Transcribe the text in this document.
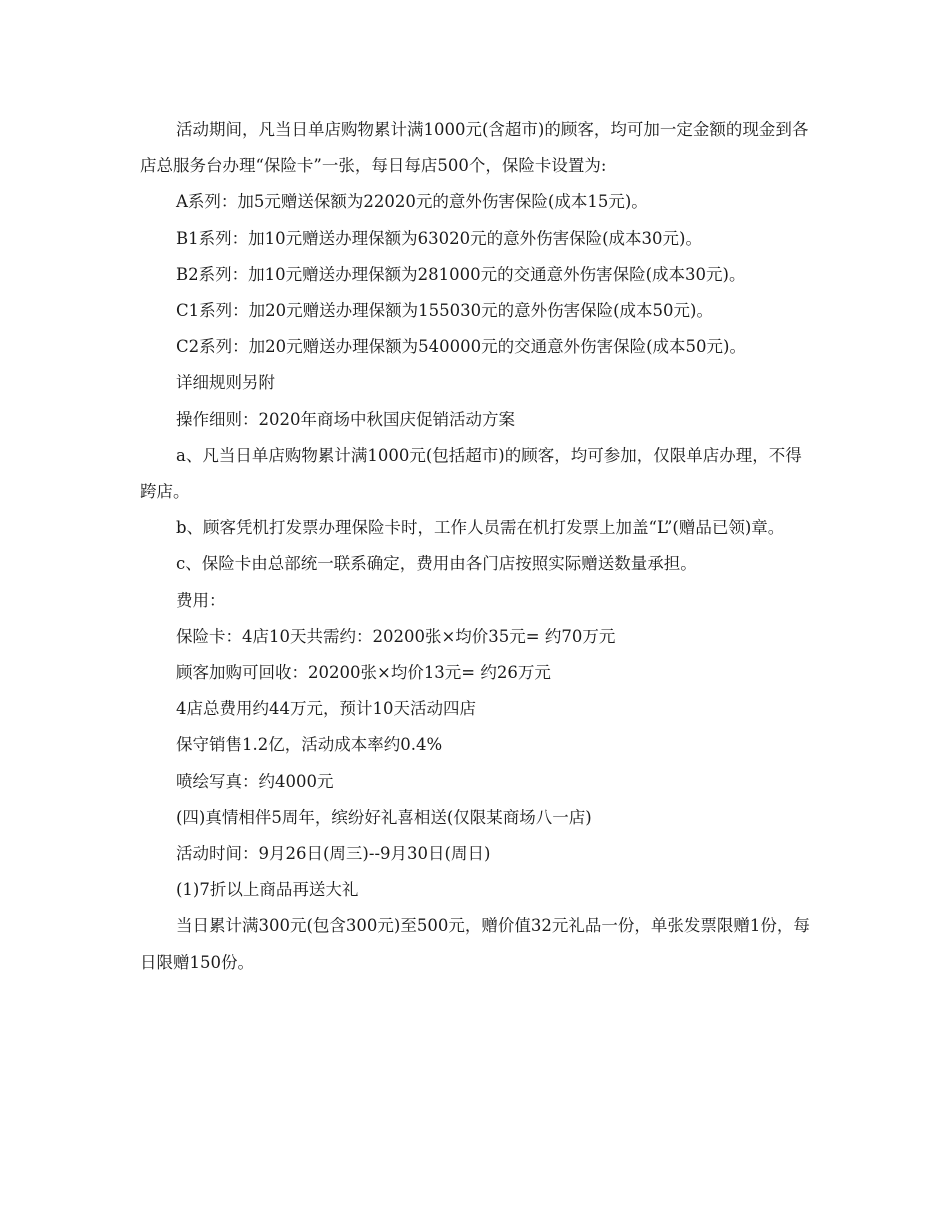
活动期间，凡当日单店购物累计满1000元(含超市)的顾客，均可加一定金额的现金到各店总服务台办理“保险卡”一张，每日每店500个，保险卡设置为:

A系列：加5元赠送保额为22020元的意外伤害保险(成本15元)。

B1系列：加10元赠送办理保额为63020元的意外伤害保险(成本30元)。

B2系列：加10元赠送办理保额为281000元的交通意外伤害保险(成本30元)。

C1系列：加20元赠送办理保额为155030元的意外伤害保险(成本50元)。

C2系列：加20元赠送办理保额为540000元的交通意外伤害保险(成本50元)。

详细规则另附

操作细则：2020年商场中秋国庆促销活动方案

a、凡当日单店购物累计满1000元(包括超市)的顾客，均可参加，仅限单店办理，不得跨店。

b、顾客凭机打发票办理保险卡时，工作人员需在机打发票上加盖“L”(赠品已领)章。

c、保险卡由总部统一联系确定，费用由各门店按照实际赠送数量承担。

费用：

保险卡：4店10天共需约：20200张×均价35元= 约70万元

顾客加购可回收：20200张×均价13元= 约26万元

4店总费用约44万元，预计10天活动四店

保守销售1.2亿，活动成本率约0.4%

喷绘写真：约4000元

(四)真情相伴5周年，缤纷好礼喜相送(仅限某商场八一店)

活动时间：9月26日(周三)--9月30日(周日)

(1)7折以上商品再送大礼

当日累计满300元(包含300元)至500元，赠价值32元礼品一份，单张发票限赠1份，每日限赠150份。
